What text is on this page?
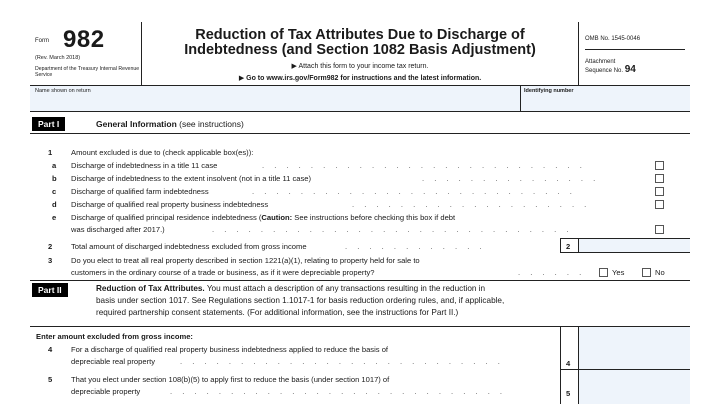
Form 982
(Rev. March 2018)
Department of the Treasury Internal Revenue Service
Reduction of Tax Attributes Due to Discharge of
Indebtedness (and Section 1082 Basis Adjustment)
▶ Attach this form to your income tax return.
▶ Go to www.irs.gov/Form982 for instructions and the latest information.
OMB No. 1545-0046
Attachment
Sequence No. 94
Name shown on return	Identifying number
Part I	General Information (see instructions)
1 Amount excluded is due to (check applicable box(es)):
a Discharge of indebtedness in a title 11 case	. . . . . . . . . . . . . . . . . . . . . . . . . . .
b Discharge of indebtedness to the extent insolvent (not in a title 11 case)	. . . . . . . . . . . . . . .
c Discharge of qualified farm indebtedness	. . . . . . . . . . . . . . . . . . . . . . . . . . .
d Discharge of qualified real property business indebtedness	. . . . . . . . . . . . . . . . . . . .
e Discharge of qualified principal residence indebtedness (Caution: See instructions before checking this box if debt
was discharged after 2017.)	. . . . . . . . . . . . . . . . . . . . . . . . . . . . . .
2 Total amount of discharged indebtedness excluded from gross income	. . . . . . . . . . . .	2
3 Do you elect to treat all real property described in section 1221(a)(1), relating to property held for sale to
customers in the ordinary course of a trade or business, as if it were depreciable property?	. . . . . .	Yes	No
Part II	Reduction of Tax Attributes. You must attach a description of any transactions resulting in the reduction in
basis under section 1017. See Regulations section 1.1017-1 for basis reduction ordering rules, and, if applicable,
required partnership consent statements. (For additional information, see the instructions for Part II.)
Enter amount excluded from gross income:
4 For a discharge of qualified real property business indebtedness applied to reduce the basis of
depreciable real property	. . . . . . . . . . . . . . . . . . . . . . . . . . .	4
5 That you elect under section 108(b)(5) to apply first to reduce the basis (under section 1017) of
depreciable property	. . . . . . . . . . . . . . . . . . . . . . . . . . . .	5
